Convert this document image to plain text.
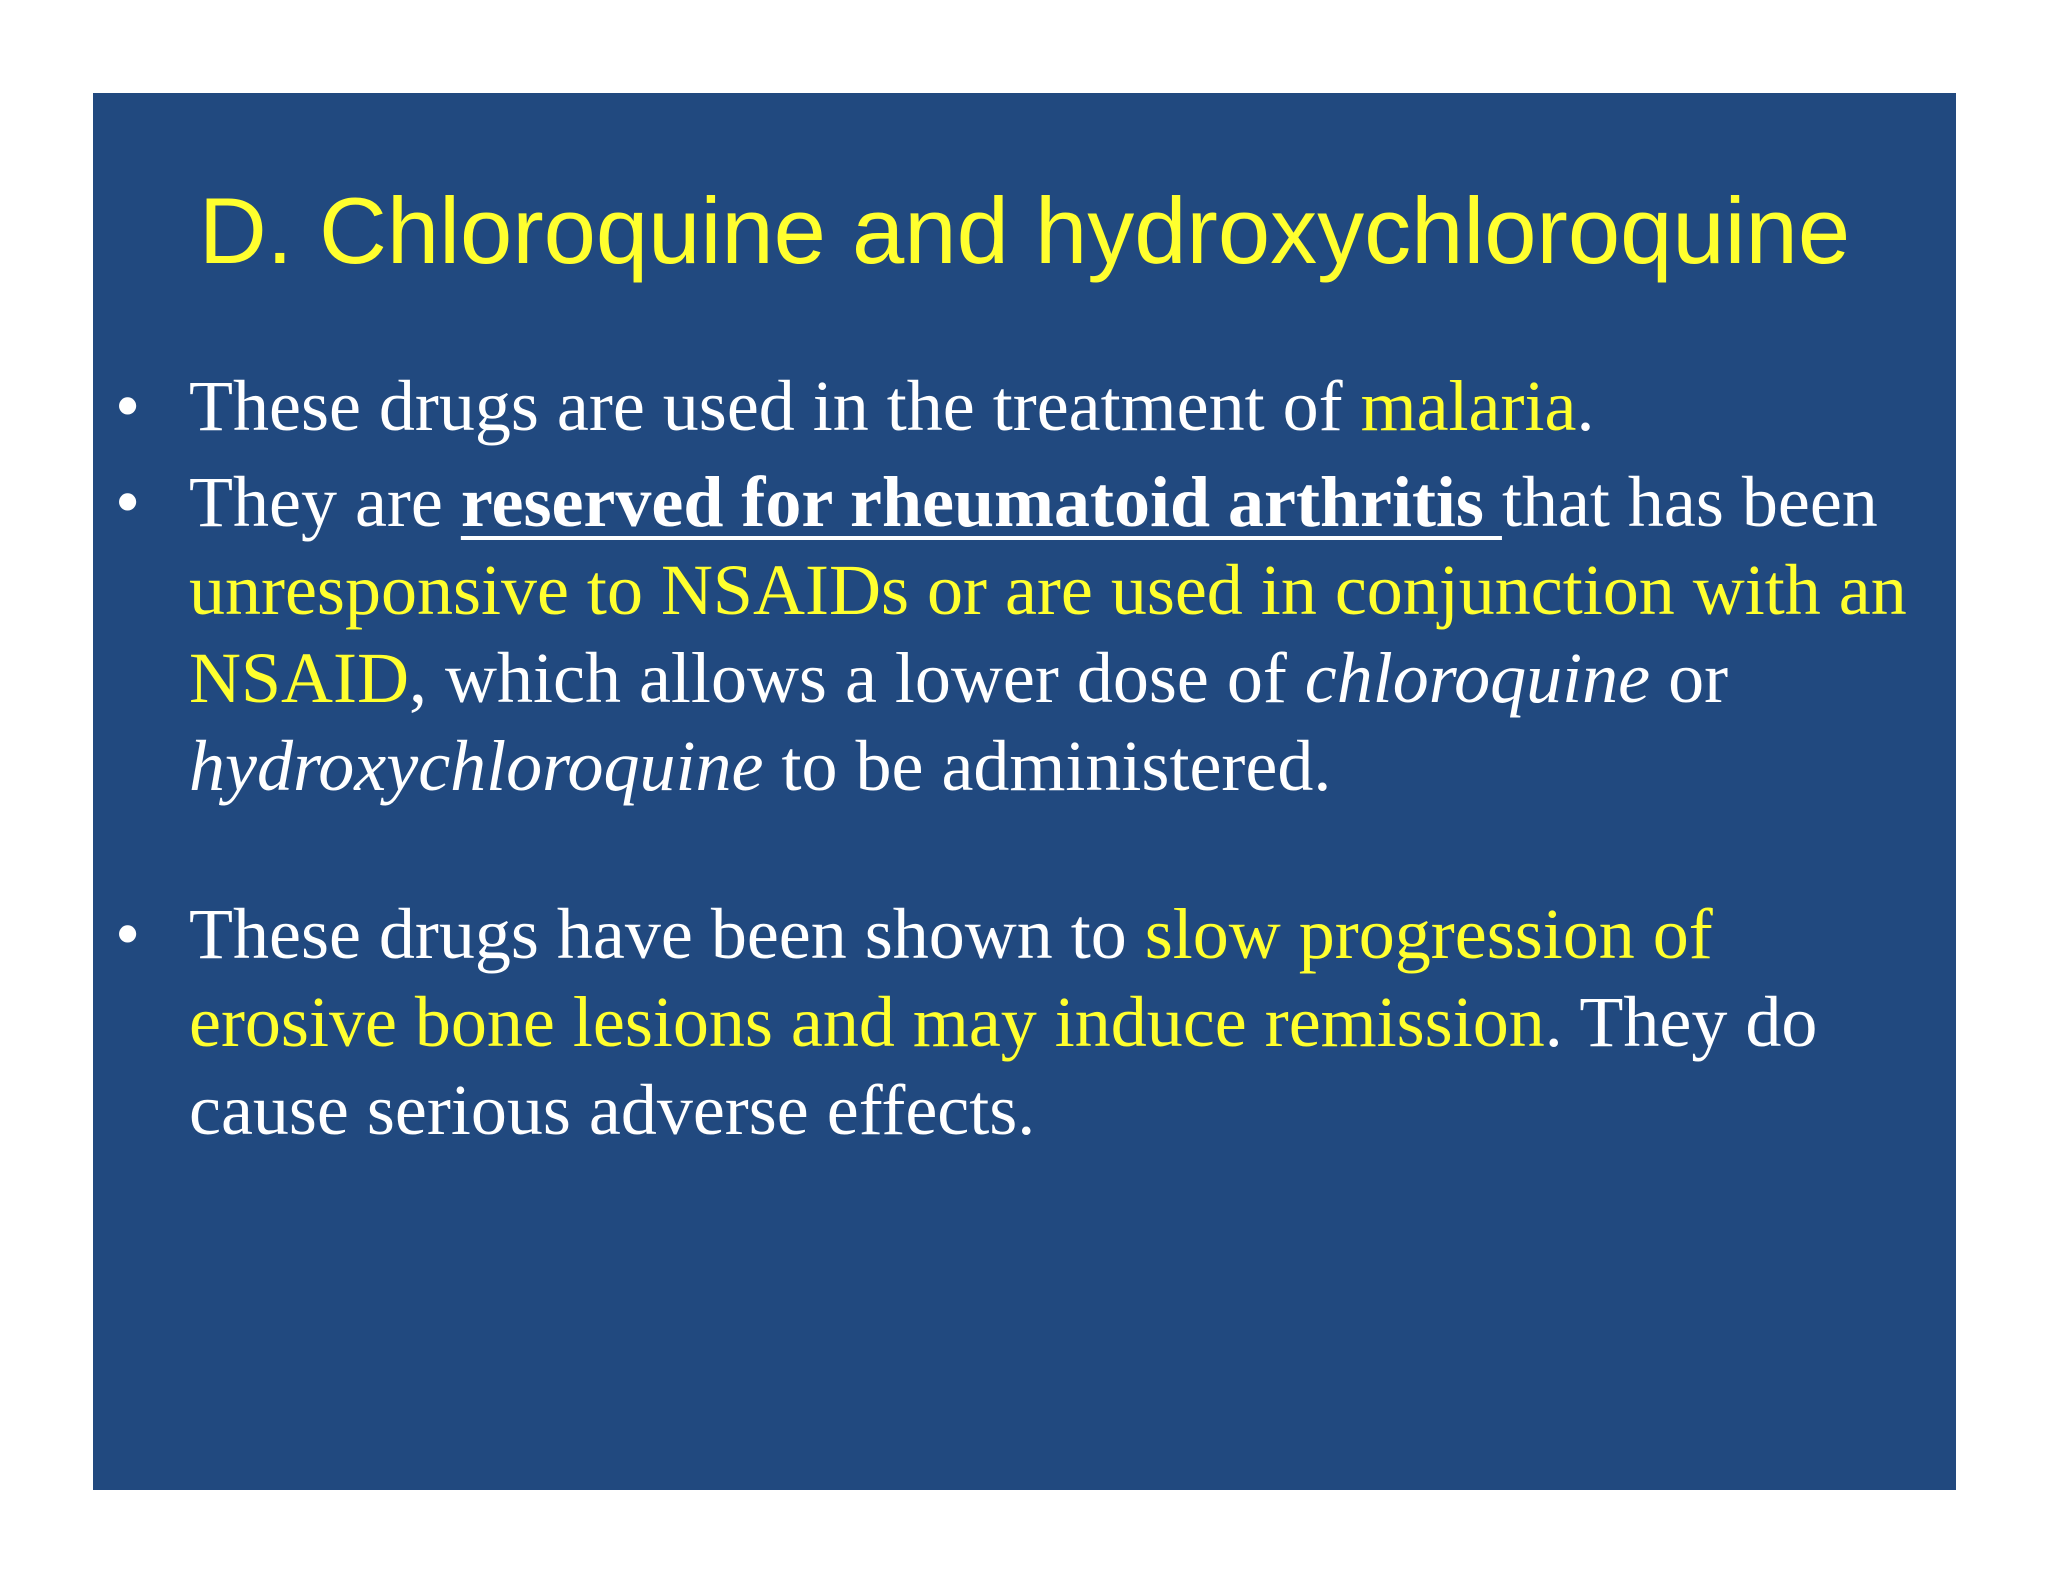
D. Chloroquine and hydroxychloroquine
• These drugs are used in the treatment of malaria.
• They are reserved for rheumatoid arthritis that has been unresponsive to NSAIDs or are used in conjunction with an NSAID, which allows a lower dose of chloroquine or hydroxychloroquine to be administered.
• These drugs have been shown to slow progression of erosive bone lesions and may induce remission. They do cause serious adverse effects.
